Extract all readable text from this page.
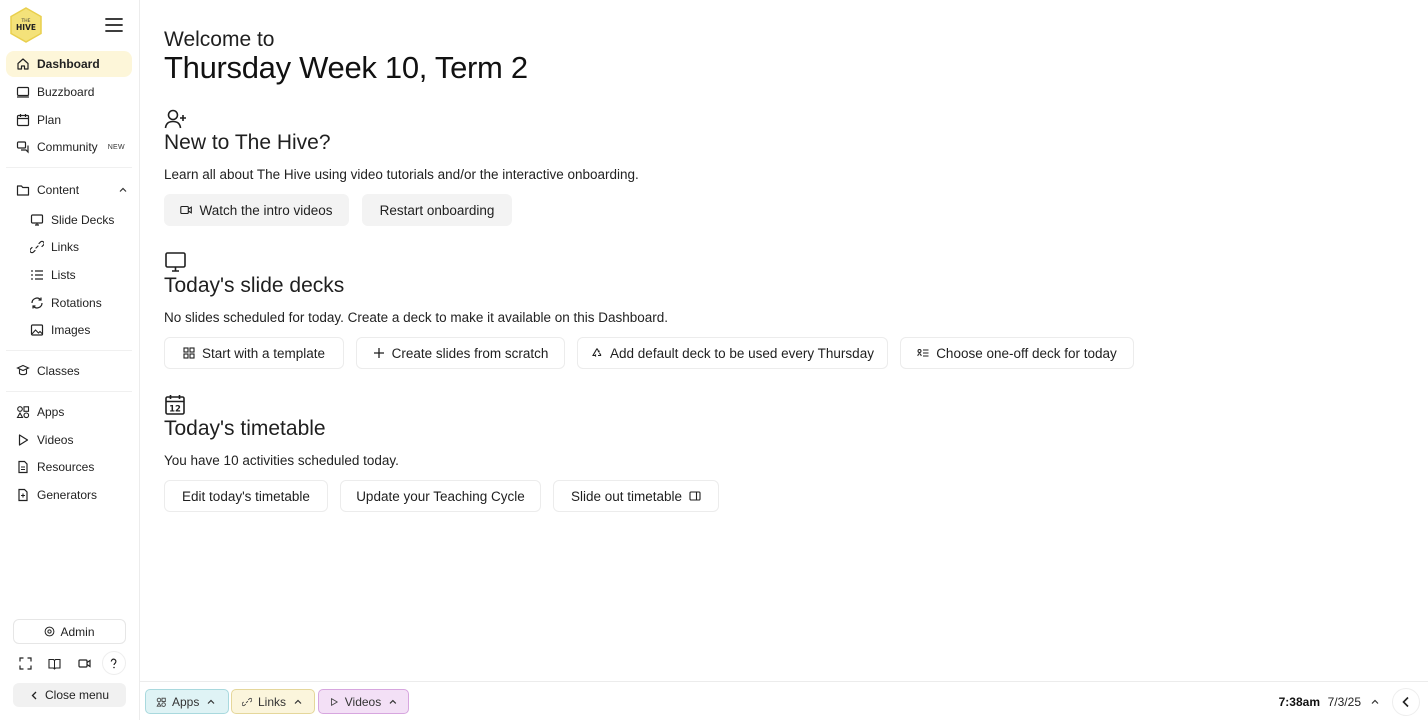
THE
HIVE
Dashboard
Buzzboard
Plan
Community NEW
Content
Slide Decks
Links
Lists
Rotations
Images
Classes
Apps
Videos
Resources
Generators
Admin
Close menu
Welcome to
Thursday Week 10, Term 2
New to The Hive?
Learn all about The Hive using video tutorials and/or the interactive onboarding.
Watch the intro videos	Restart onboarding
Today's slide decks
No slides scheduled for today. Create a deck to make it available on this Dashboard.
Start with a template	Create slides from scratch	Add default deck to be used every Thursday	Choose one-off deck for today
12
Today's timetable
You have 10 activities scheduled today.
Edit today's timetable	Update your Teaching Cycle	Slide out timetable
Apps	Links	Videos	7:38am 7/3/25
